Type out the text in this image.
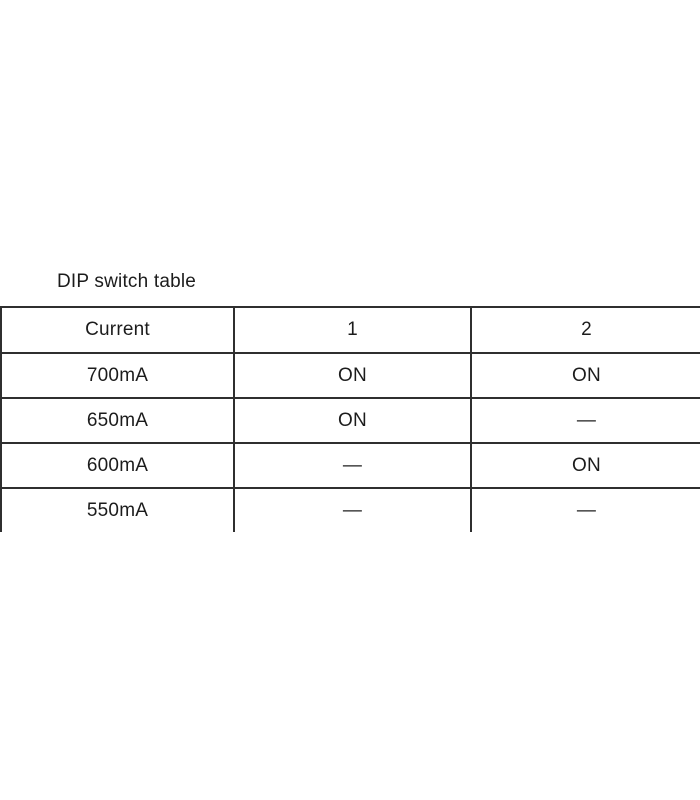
DIP switch table
Current	1	2
700mA	ON	ON
650mA	ON	—
600mA	—	ON
550mA	—	—
